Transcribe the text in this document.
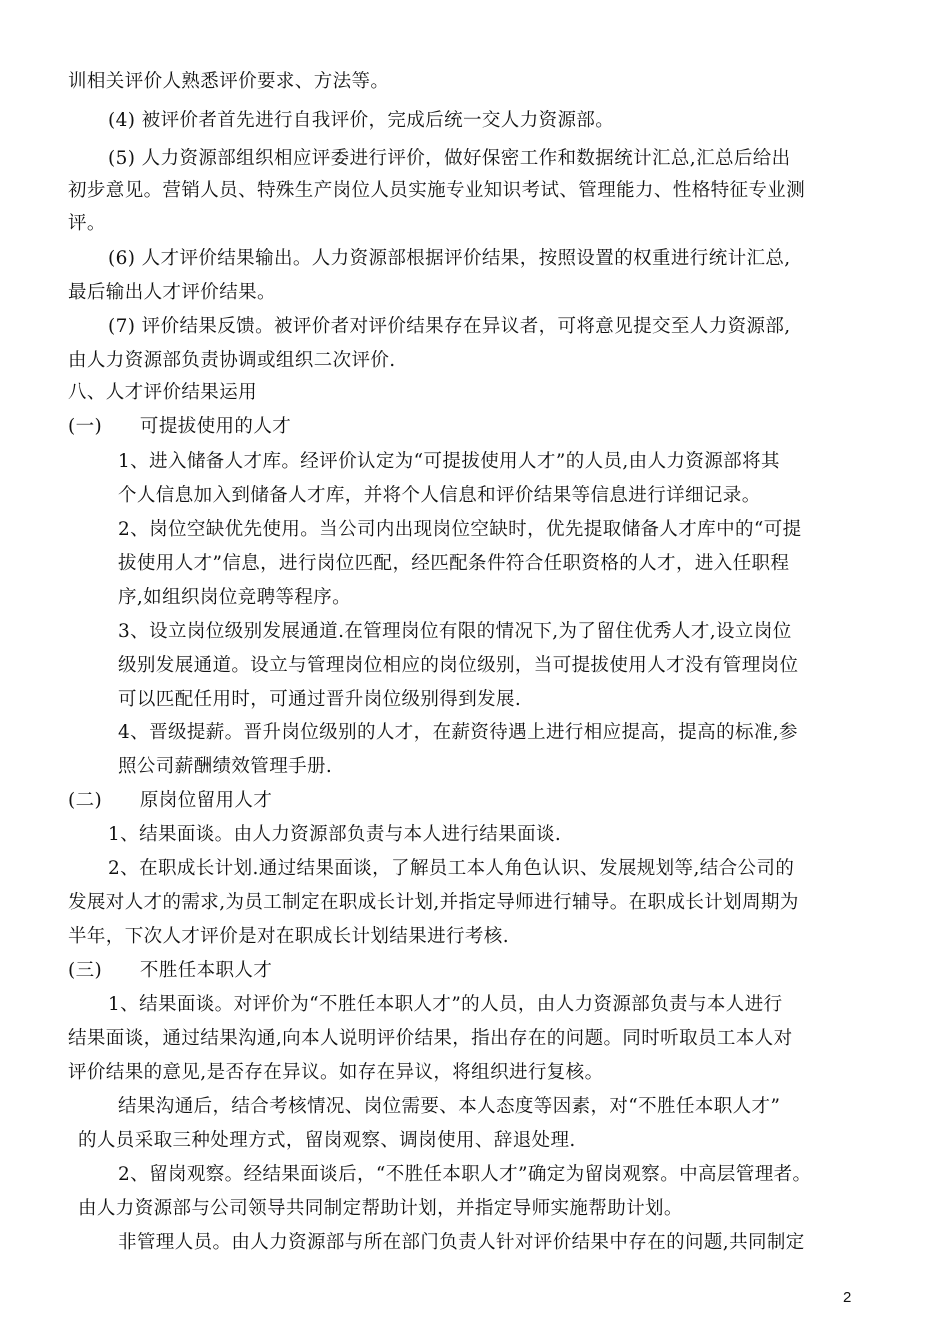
训相关评价人熟悉评价要求、方法等。
(4) 被评价者首先进行自我评价，完成后统一交人力资源部。
(5) 人力资源部组织相应评委进行评价，做好保密工作和数据统计汇总,汇总后给出
初步意见。营销人员、特殊生产岗位人员实施专业知识考试、管理能力、性格特征专业测
评。
(6) 人才评价结果输出。人力资源部根据评价结果，按照设置的权重进行统计汇总,
最后输出人才评价结果。
(7) 评价结果反馈。被评价者对评价结果存在异议者，可将意见提交至人力资源部,
由人力资源部负责协调或组织二次评价.
八、人才评价结果运用
(一)　　可提拔使用的人才
1、进入储备人才库。经评价认定为“可提拔使用人才”的人员,由人力资源部将其
个人信息加入到储备人才库，并将个人信息和评价结果等信息进行详细记录。
2、岗位空缺优先使用。当公司内出现岗位空缺时，优先提取储备人才库中的“可提
拔使用人才”信息，进行岗位匹配，经匹配条件符合任职资格的人才，进入任职程
序,如组织岗位竞聘等程序。
3、设立岗位级别发展通道.在管理岗位有限的情况下,为了留住优秀人才,设立岗位
级别发展通道。设立与管理岗位相应的岗位级别，当可提拔使用人才没有管理岗位
可以匹配任用时，可通过晋升岗位级别得到发展.
4、晋级提薪。晋升岗位级别的人才，在薪资待遇上进行相应提高，提高的标准,参
照公司薪酬绩效管理手册.
(二)　　原岗位留用人才
1、结果面谈。由人力资源部负责与本人进行结果面谈.
2、在职成长计划.通过结果面谈，了解员工本人角色认识、发展规划等,结合公司的
发展对人才的需求,为员工制定在职成长计划,并指定导师进行辅导。在职成长计划周期为
半年，下次人才评价是对在职成长计划结果进行考核.
(三)　　不胜任本职人才
1、结果面谈。对评价为“不胜任本职人才”的人员，由人力资源部负责与本人进行
结果面谈，通过结果沟通,向本人说明评价结果，指出存在的问题。同时听取员工本人对
评价结果的意见,是否存在异议。如存在异议，将组织进行复核。
结果沟通后，结合考核情况、岗位需要、本人态度等因素，对“不胜任本职人才”
的人员采取三种处理方式，留岗观察、调岗使用、辞退处理.
2、留岗观察。经结果面谈后，“不胜任本职人才”确定为留岗观察。中高层管理者。
由人力资源部与公司领导共同制定帮助计划，并指定导师实施帮助计划。
非管理人员。由人力资源部与所在部门负责人针对评价结果中存在的问题,共同制定
2
